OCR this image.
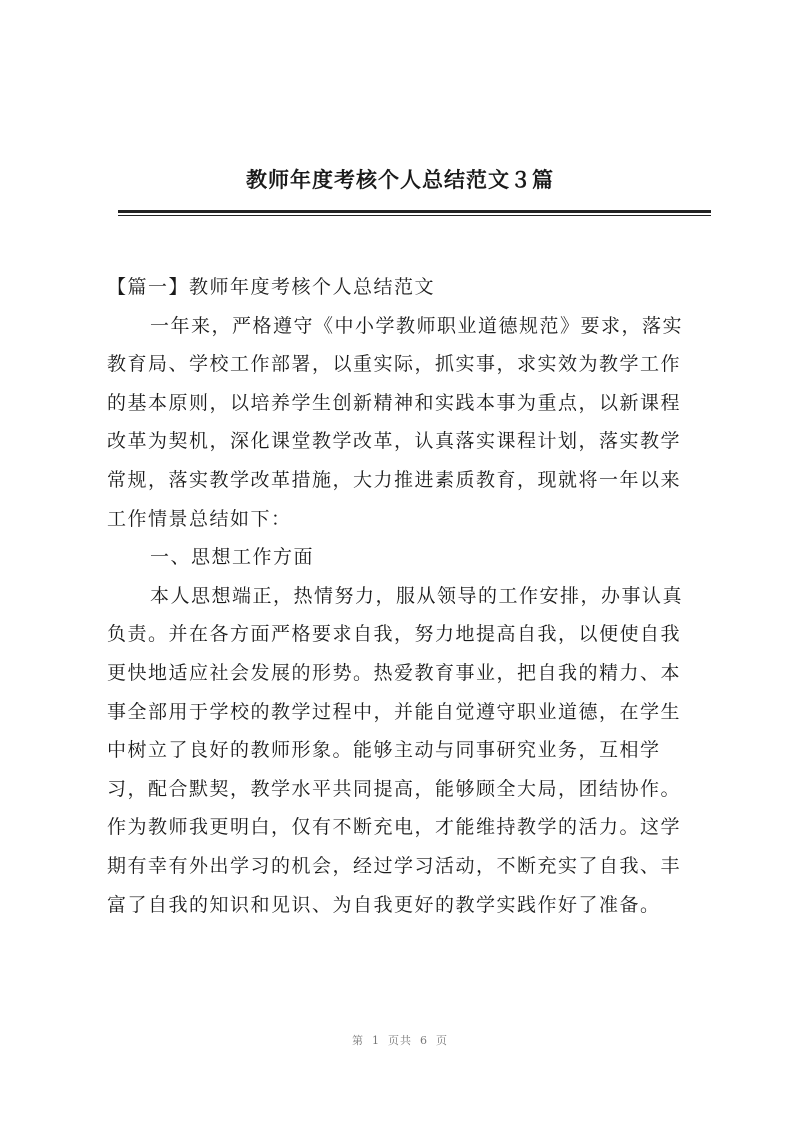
教师年度考核个人总结范文３篇
【篇一】教师年度考核个人总结范文
一年来，严格遵守《中小学教师职业道德规范》要求，落实
教育局、学校工作部署，以重实际，抓实事，求实效为教学工作
的基本原则，以培养学生创新精神和实践本事为重点，以新课程
改革为契机，深化课堂教学改革，认真落实课程计划，落实教学
常规，落实教学改革措施，大力推进素质教育，现就将一年以来
工作情景总结如下：
一、思想工作方面
本人思想端正，热情努力，服从领导的工作安排，办事认真
负责。并在各方面严格要求自我，努力地提高自我，以便使自我
更快地适应社会发展的形势。热爱教育事业，把自我的精力、本
事全部用于学校的教学过程中，并能自觉遵守职业道德，在学生
中树立了良好的教师形象。能够主动与同事研究业务，互相学
习，配合默契，教学水平共同提高，能够顾全大局，团结协作。
作为教师我更明白，仅有不断充电，才能维持教学的活力。这学
期有幸有外出学习的机会，经过学习活动，不断充实了自我、丰
富了自我的知识和见识、为自我更好的教学实践作好了准备。
第 1 页共 6 页
